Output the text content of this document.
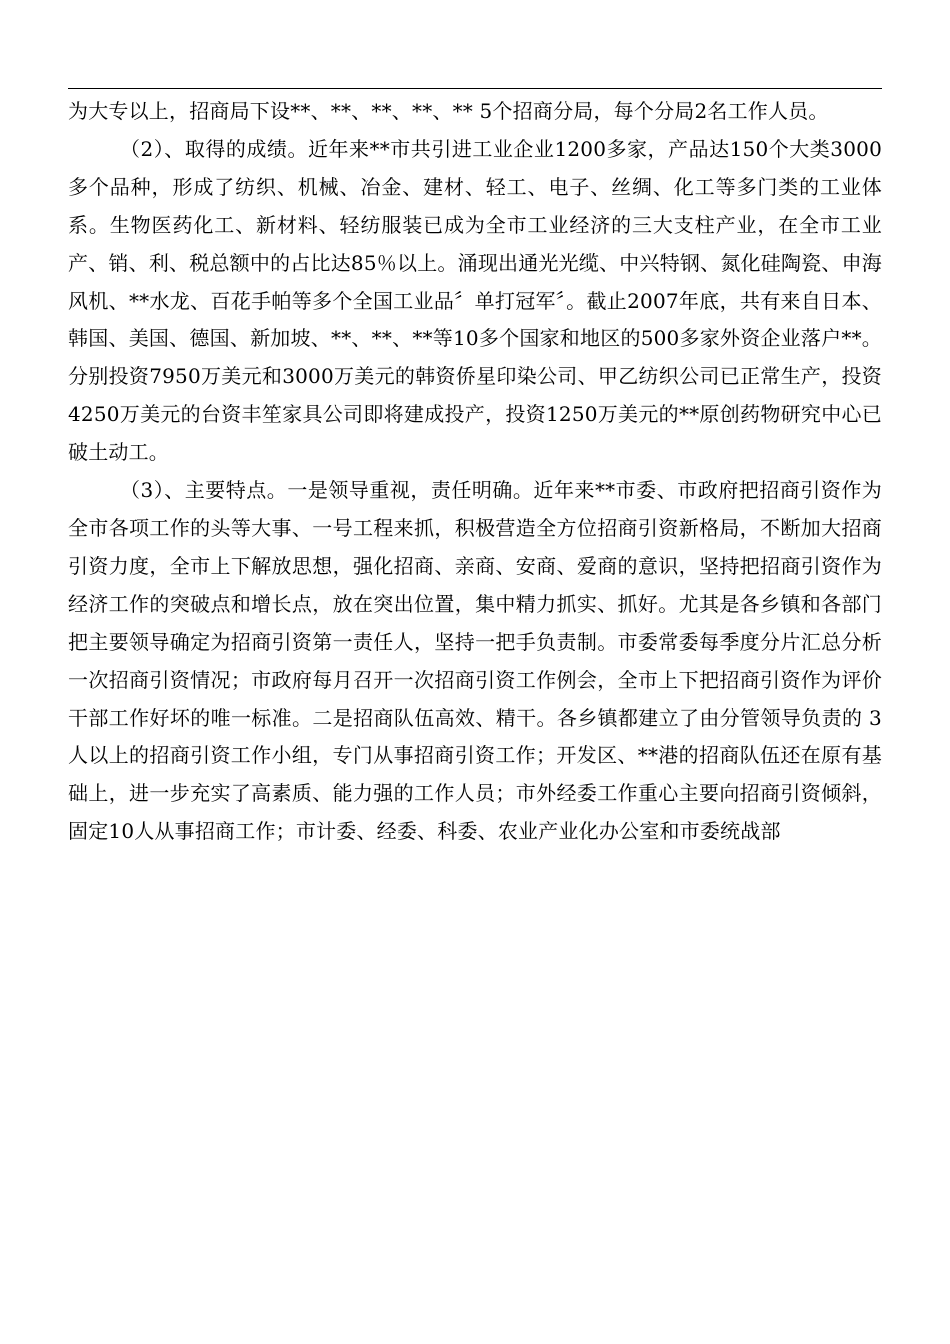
为大专以上，招商局下设**、**、**、**、** 5个招商分局，每个分局2名工作人员。

（2）、取得的成绩。近年来**市共引进工业企业1200多家，产品达150个大类3000多个品种，形成了纺织、机械、冶金、建材、轻工、电子、丝绸、化工等多门类的工业体系。生物医药化工、新材料、轻纺服装已成为全市工业经济的三大支柱产业，在全市工业产、销、利、税总额中的占比达85％以上。涌现出通光光缆、中兴特钢、氮化硅陶瓷、申海风机、**水龙、百花手帕等多个全国工业品〞单打冠军〞。截止2007年底，共有来自日本、韩国、美国、德国、新加坡、**、**、**等10多个国家和地区的500多家外资企业落户**。分别投资7950万美元和3000万美元的韩资侨星印染公司、甲乙纺织公司已正常生产，投资4250万美元的台资丰笙家具公司即将建成投产，投资1250万美元的**原创药物研究中心已破土动工。

（3）、主要特点。一是领导重视，责任明确。近年来**市委、市政府把招商引资作为全市各项工作的头等大事、一号工程来抓，积极营造全方位招商引资新格局，不断加大招商引资力度，全市上下解放思想，强化招商、亲商、安商、爱商的意识，坚持把招商引资作为经济工作的突破点和增长点，放在突出位置，集中精力抓实、抓好。尤其是各乡镇和各部门把主要领导确定为招商引资第一责任人，坚持一把手负责制。市委常委每季度分片汇总分析一次招商引资情况；市政府每月召开一次招商引资工作例会，全市上下把招商引资作为评价干部工作好坏的唯一标准。二是招商队伍高效、精干。各乡镇都建立了由分管领导负责的 3人以上的招商引资工作小组，专门从事招商引资工作；开发区、**港的招商队伍还在原有基础上，进一步充实了高素质、能力强的工作人员；市外经委工作重心主要向招商引资倾斜，固定10人从事招商工作；市计委、经委、科委、农业产业化办公室和市委统战部
